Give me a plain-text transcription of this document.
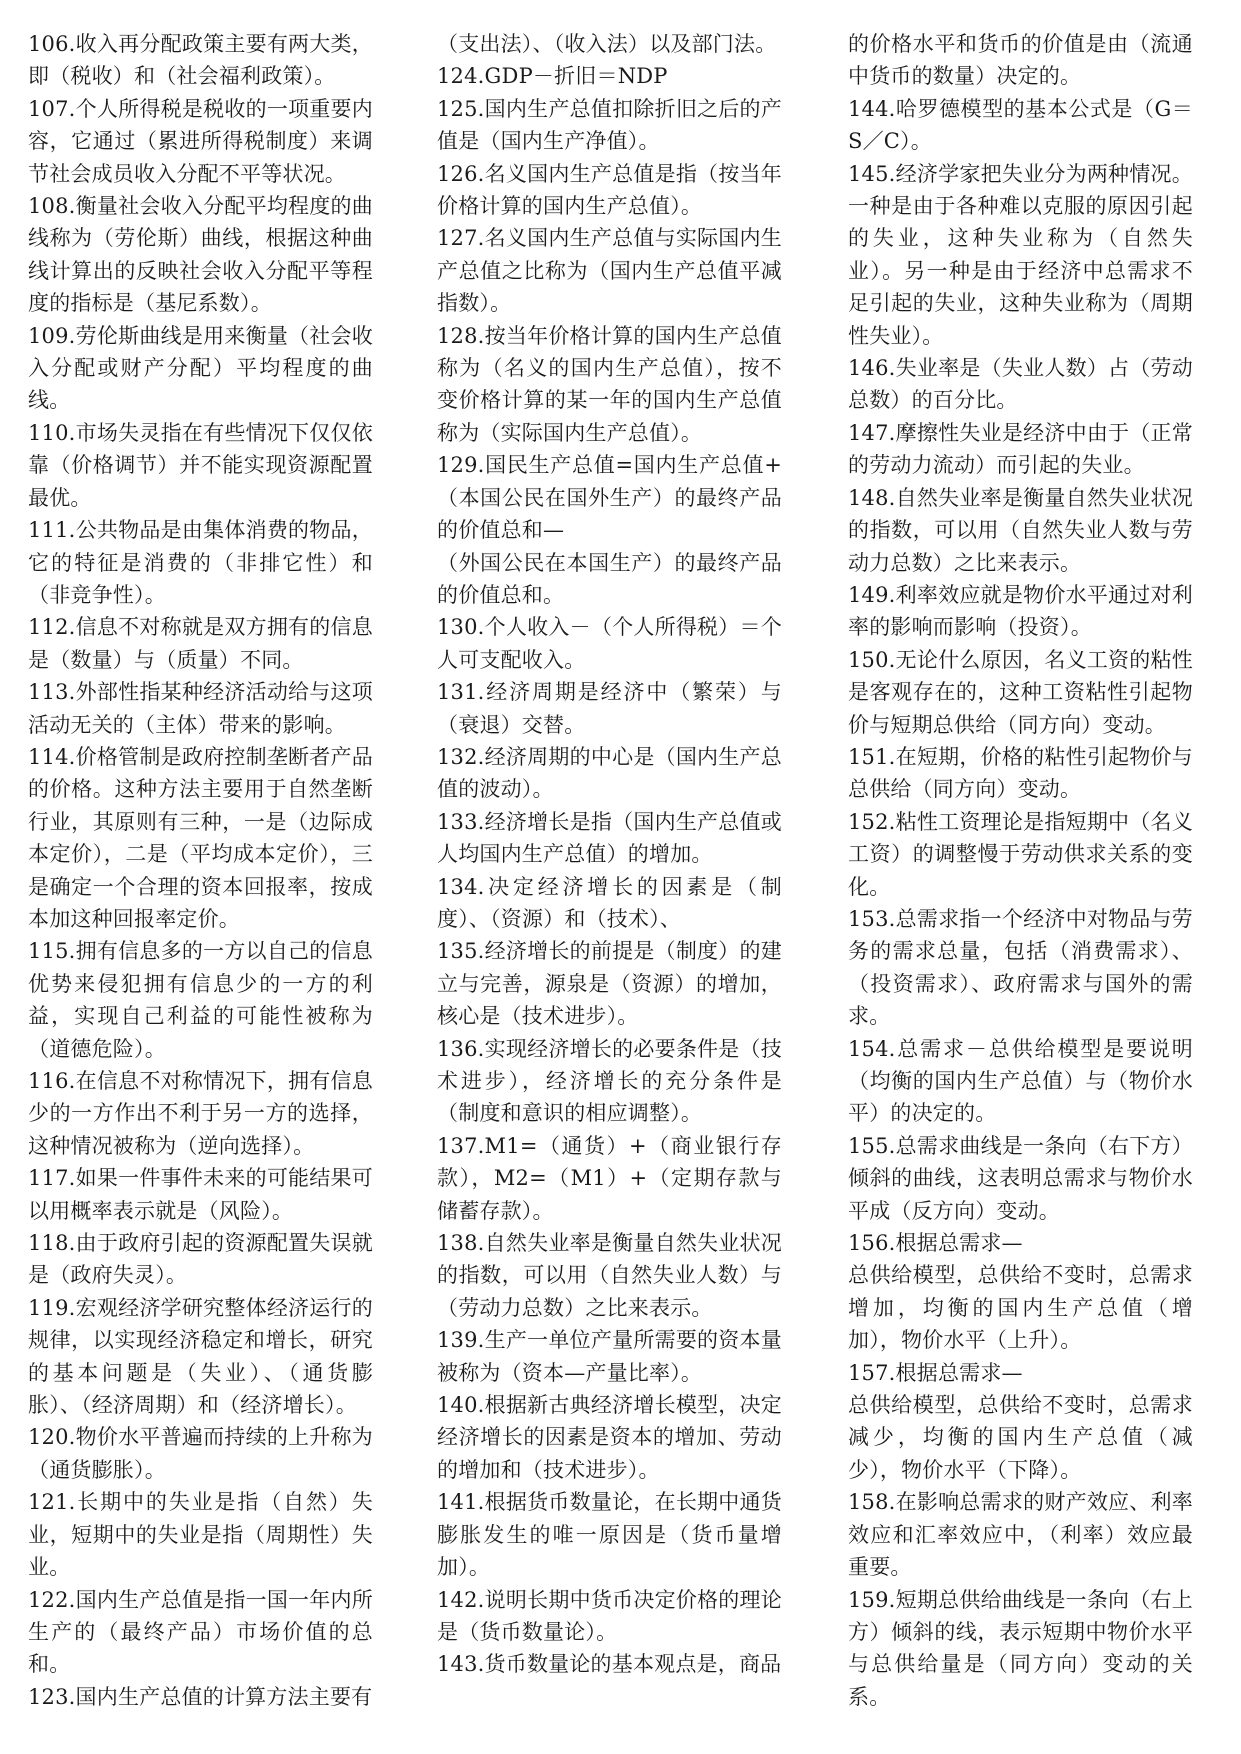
106.收入再分配政策主要有两大类，即（税收）和（社会福利政策）。

107.个人所得税是税收的一项重要内容，它通过（累进所得税制度）来调节社会成员收入分配不平等状况。

108.衡量社会收入分配平均程度的曲线称为（劳伦斯）曲线，根据这种曲线计算出的反映社会收入分配平等程度的指标是（基尼系数）。

109.劳伦斯曲线是用来衡量（社会收入分配或财产分配）平均程度的曲线。

110.市场失灵指在有些情况下仅仅依靠（价格调节）并不能实现资源配置最优。

111.公共物品是由集体消费的物品，它的特征是消费的（非排它性）和（非竞争性）。

112.信息不对称就是双方拥有的信息是（数量）与（质量）不同。

113.外部性指某种经济活动给与这项活动无关的（主体）带来的影响。

114.价格管制是政府控制垄断者产品的价格。这种方法主要用于自然垄断行业，其原则有三种，一是（边际成本定价），二是（平均成本定价），三是确定一个合理的资本回报率，按成本加这种回报率定价。

115.拥有信息多的一方以自己的信息优势来侵犯拥有信息少的一方的利益，实现自己利益的可能性被称为（道德危险）。

116.在信息不对称情况下，拥有信息少的一方作出不利于另一方的选择，这种情况被称为（逆向选择）。

117.如果一件事件未来的可能结果可以用概率表示就是（风险）。

118.由于政府引起的资源配置失误就是（政府失灵）。

119.宏观经济学研究整体经济运行的规律，以实现经济稳定和增长，研究的基本问题是（失业）、（通货膨胀）、（经济周期）和（经济增长）。

120.物价水平普遍而持续的上升称为（通货膨胀）。

121.长期中的失业是指（自然）失业，短期中的失业是指（周期性）失业。

122.国内生产总值是指一国一年内所生产的（最终产品）市场价值的总和。

123.国内生产总值的计算方法主要有

（支出法）、（收入法）以及部门法。

124.GDP－折旧＝NDP

125.国内生产总值扣除折旧之后的产值是（国内生产净值）。

126.名义国内生产总值是指（按当年价格计算的国内生产总值）。

127.名义国内生产总值与实际国内生产总值之比称为（国内生产总值平减指数）。

128.按当年价格计算的国内生产总值称为（名义的国内生产总值），按不变价格计算的某一年的国内生产总值称为（实际国内生产总值）。

129.国民生产总值=国内生产总值+（本国公民在国外生产）的最终产品的价值总和—

（外国公民在本国生产）的最终产品的价值总和。

130.个人收入－（个人所得税）＝个人可支配收入。

131.经济周期是经济中（繁荣）与（衰退）交替。

132.经济周期的中心是（国内生产总值的波动）。

133.经济增长是指（国内生产总值或人均国内生产总值）的增加。

134.决定经济增长的因素是（制度）、（资源）和（技术）、

135.经济增长的前提是（制度）的建立与完善，源泉是（资源）的增加，核心是（技术进步）。

136.实现经济增长的必要条件是（技术进步），经济增长的充分条件是（制度和意识的相应调整）。

137.M1=（通货）+（商业银行存款），M2=（M1）+（定期存款与储蓄存款）。

138.自然失业率是衡量自然失业状况的指数，可以用（自然失业人数）与（劳动力总数）之比来表示。

139.生产一单位产量所需要的资本量被称为（资本—产量比率）。

140.根据新古典经济增长模型，决定经济增长的因素是资本的增加、劳动的增加和（技术进步）。

141.根据货币数量论，在长期中通货膨胀发生的唯一原因是（货币量增加）。

142.说明长期中货币决定价格的理论是（货币数量论）。

143.货币数量论的基本观点是，商品

的价格水平和货币的价值是由（流通中货币的数量）决定的。

144.哈罗德模型的基本公式是（G＝S／C）。

145.经济学家把失业分为两种情况。一种是由于各种难以克服的原因引起的失业，这种失业称为（自然失业）。另一种是由于经济中总需求不足引起的失业，这种失业称为（周期性失业）。

146.失业率是（失业人数）占（劳动总数）的百分比。

147.摩擦性失业是经济中由于（正常的劳动力流动）而引起的失业。

148.自然失业率是衡量自然失业状况的指数，可以用（自然失业人数与劳动力总数）之比来表示。

149.利率效应就是物价水平通过对利率的影响而影响（投资）。

150.无论什么原因，名义工资的粘性是客观存在的，这种工资粘性引起物价与短期总供给（同方向）变动。

151.在短期，价格的粘性引起物价与总供给（同方向）变动。

152.粘性工资理论是指短期中（名义工资）的调整慢于劳动供求关系的变化。

153.总需求指一个经济中对物品与劳务的需求总量，包括（消费需求）、（投资需求）、政府需求与国外的需求。

154.总需求－总供给模型是要说明（均衡的国内生产总值）与（物价水平）的决定的。

155.总需求曲线是一条向（右下方）倾斜的曲线，这表明总需求与物价水平成（反方向）变动。

156.根据总需求—

总供给模型，总供给不变时，总需求增加，均衡的国内生产总值（增加），物价水平（上升）。

157.根据总需求—

总供给模型，总供给不变时，总需求减少，均衡的国内生产总值（减少），物价水平（下降）。

158.在影响总需求的财产效应、利率效应和汇率效应中，（利率）效应最重要。

159.短期总供给曲线是一条向（右上方）倾斜的线，表示短期中物价水平与总供给量是（同方向）变动的关系。
